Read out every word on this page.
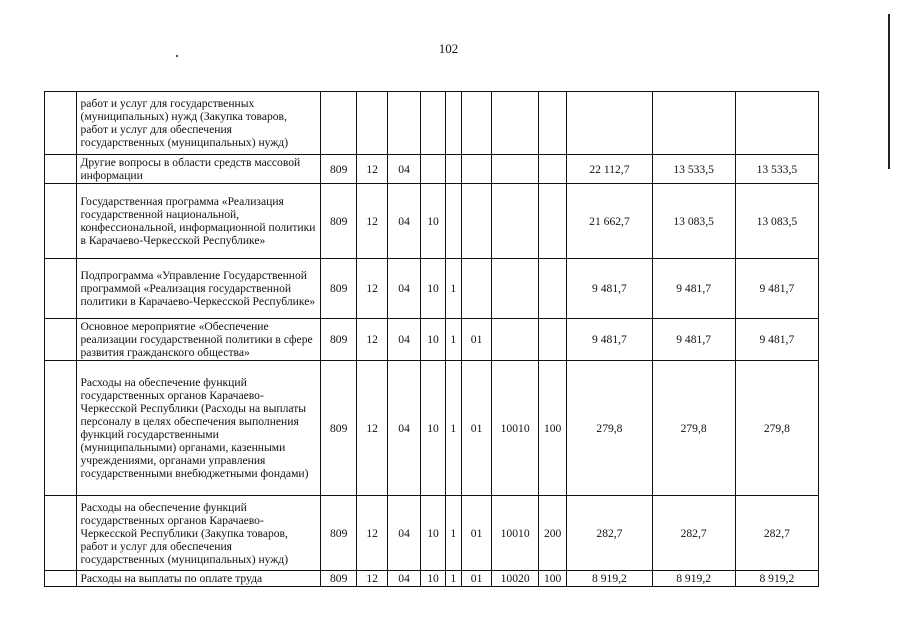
102
	работ и услуг для государственных (муниципальных) нужд (Закупка товаров, работ и услуг для обеспечения государственных (муниципальных) нужд)											
	Другие вопросы в области средств массовой информации	809	12	04						22 112,7	13 533,5	13 533,5
	Государственная программа «Реализация государственной национальной, конфессиональной, информационной политики в Карачаево-Черкесской Республике»	809	12	04	10					21 662,7	13 083,5	13 083,5
	Подпрограмма «Управление Государственной программой «Реализация государственной политики в Карачаево-Черкесской Республике»	809	12	04	10	1				9 481,7	9 481,7	9 481,7
	Основное мероприятие «Обеспечение реализации государственной политики в сфере развития гражданского общества»	809	12	04	10	1	01			9 481,7	9 481,7	9 481,7
	Расходы на обеспечение функций государственных органов Карачаево-Черкесской Республики (Расходы на выплаты персоналу в целях обеспечения выполнения функций государственными (муниципальными) органами, казенными учреждениями, органами управления государственными внебюджетными фондами)	809	12	04	10	1	01	10010	100	279,8	279,8	279,8
	Расходы на обеспечение функций государственных органов Карачаево-Черкесской Республики (Закупка товаров, работ и услуг для обеспечения государственных (муниципальных) нужд)	809	12	04	10	1	01	10010	200	282,7	282,7	282,7
	Расходы на выплаты по оплате труда	809	12	04	10	1	01	10020	100	8 919,2	8 919,2	8 919,2
